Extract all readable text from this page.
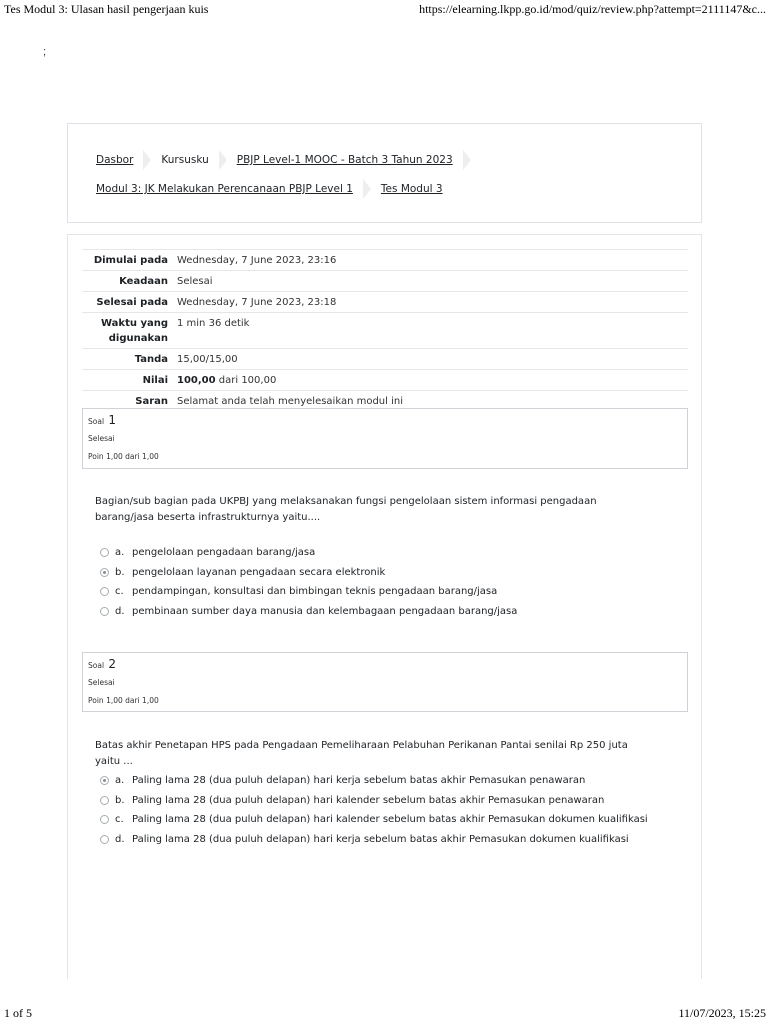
Tes Modul 3: Ulasan hasil pengerjaan kuis	https://elearning.lkpp.go.id/mod/quiz/review.php?attempt=2111147&c...
;
Dasbor	Kursusku	PBJP Level-1 MOOC - Batch 3 Tahun 2023
Modul 3: JK Melakukan Perencanaan PBJP Level 1	Tes Modul 3
Dimulai pada Wednesday, 7 June 2023, 23:16
Keadaan Selesai
Selesai pada Wednesday, 7 June 2023, 23:18
Waktu yang
digunakan
1 min 36 detik
Tanda 15,00/15,00
Nilai 100,00 dari 100,00
Saran Selamat anda telah menyelesaikan modul ini
Soal 1
Selesai
Poin 1,00 dari 1,00
Bagian/sub bagian pada UKPBJ yang melaksanakan fungsi pengelolaan sistem informasi pengadaan barang/jasa beserta infrastrukturnya yaitu....
a. pengelolaan pengadaan barang/jasa
b. pengelolaan layanan pengadaan secara elektronik
c. pendampingan, konsultasi dan bimbingan teknis pengadaan barang/jasa
d. pembinaan sumber daya manusia dan kelembagaan pengadaan barang/jasa
Soal 2
Selesai
Poin 1,00 dari 1,00
Batas akhir Penetapan HPS pada Pengadaan Pemeliharaan Pelabuhan Perikanan Pantai senilai Rp 250 juta yaitu ...
a. Paling lama 28 (dua puluh delapan) hari kerja sebelum batas akhir Pemasukan penawaran
b. Paling lama 28 (dua puluh delapan) hari kalender sebelum batas akhir Pemasukan penawaran
c. Paling lama 28 (dua puluh delapan) hari kalender sebelum batas akhir Pemasukan dokumen kualifikasi
d. Paling lama 28 (dua puluh delapan) hari kerja sebelum batas akhir Pemasukan dokumen kualifikasi
1 of 5	11/07/2023, 15:25
